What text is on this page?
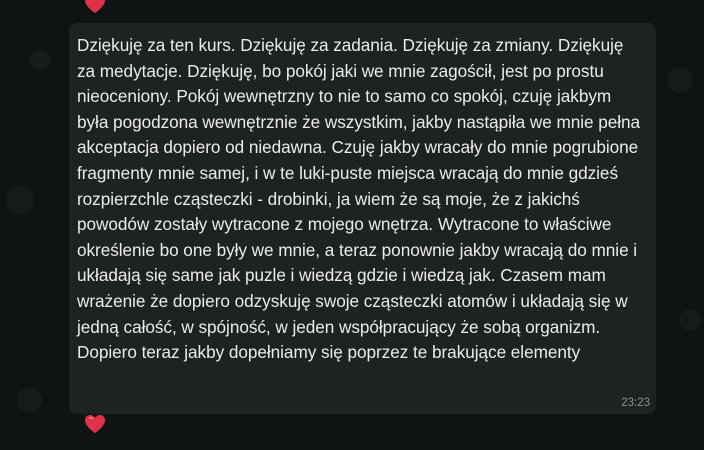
Dziękuję za ten kurs. Dziękuję za zadania. Dziękuję za zmiany. Dziękuję za medytacje. Dziękuję, bo pokój jaki we mnie zagościł, jest po prostu nieoceniony. Pokój wewnętrzny to nie to samo co spokój, czuję jakbym była pogodzona wewnętrznie że wszystkim, jakby nastąpiła we mnie pełna akceptacja dopiero od niedawna. Czuję jakby wracały do mnie pogrubione fragmenty mnie samej, i w te luki-puste miejsca wracają do mnie gdzieś rozpierzchle cząsteczki - drobinki, ja wiem że są moje, że z jakichś powodów zostały wytracone z mojego wnętrza. Wytracone to właściwe określenie bo one były we mnie, a teraz ponownie jakby wracają do mnie i układają się same jak puzle i wiedzą gdzie i wiedzą jak. Czasem mam wrażenie że dopiero odzyskuję swoje cząsteczki atomów i układają się w jedną całość, w spójność, w jeden współpracujący że sobą organizm. Dopiero teraz jakby dopełniamy się poprzez te brakujące elementy

23:23
